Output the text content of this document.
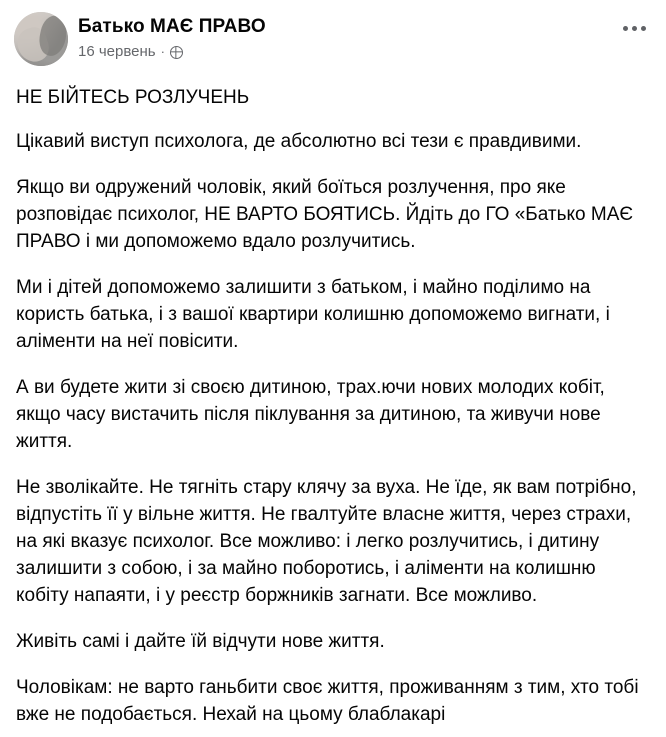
Батько МАЄ ПРАВО
16 червень ·

НЕ БІЙТЕСЬ РОЗЛУЧЕНЬ

Цікавий виступ психолога, де абсолютно всі тези є правдивими.

Якщо ви одружений чоловік, який боїться розлучення, про яке розповідає психолог, НЕ ВАРТО БОЯТИСЬ. Йдіть до ГО «Батько МАЄ ПРАВО і ми допоможемо вдало розлучитись.

Ми і дітей допоможемо залишити з батьком, і майно поділимо на користь батька, і з вашої квартири колишню допоможемо вигнати, і аліменти на неї повісити.

А ви будете жити зі своєю дитиною, трах.ючи нових молодих кобіт, якщо часу вистачить після піклування за дитиною, та живучи нове життя.

Не зволікайте. Не тягніть стару клячу за вуха. Не їде, як вам потрібно, відпустіть її у вільне життя. Не гвалтуйте власне життя, через страхи, на які вказує психолог. Все можливо: і легко розлучитись, і дитину залишити з собою, і за майно поборотись, і аліменти на колишню кобіту напаяти, і у реєстр боржників загнати. Все можливо.

Живіть самі і дайте їй відчути нове життя.

Чоловікам: не варто ганьбити своє життя, проживанням з тим, хто тобі вже не подобається. Нехай на цьому блаблакарі
